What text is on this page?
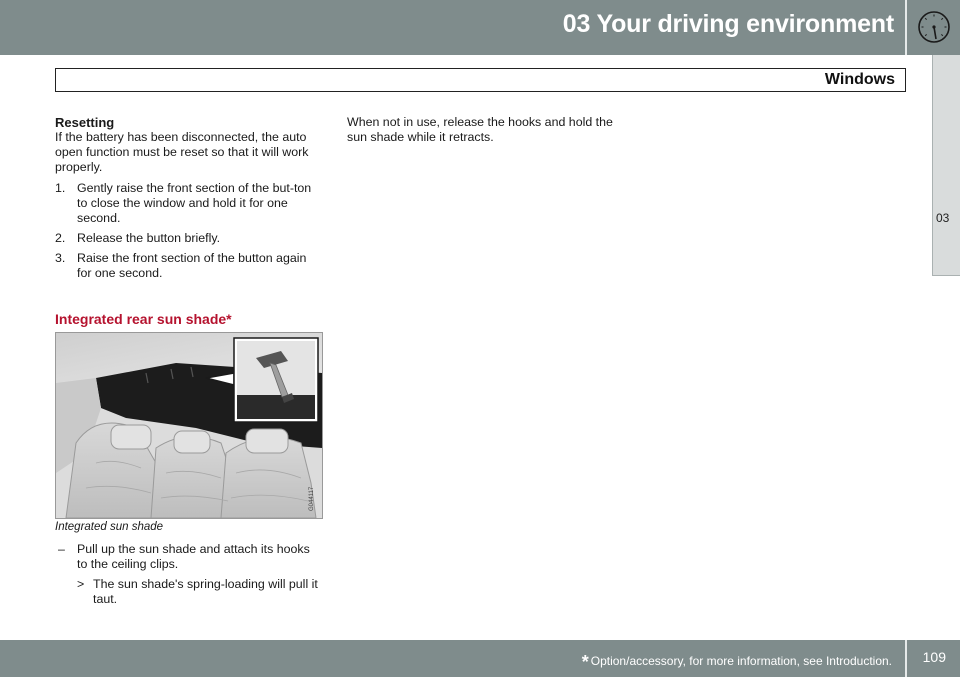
03 Your driving environment
Windows
03

Resetting

If the battery has been disconnected, the auto open function must be reset so that it will work properly.

1. Gently raise the front section of the but-ton to close the window and hold it for one second.
2. Release the button briefly.
3. Raise the front section of the button again for one second.
Integrated rear sun shade*
G044117
Integrated sun shade
– Pull up the sun shade and attach its hooks to the ceiling clips.
> The sun shade's spring-loading will pull it taut.

When not in use, release the hooks and hold the sun shade while it retracts.

* Option/accessory, for more information, see Introduction. 109
